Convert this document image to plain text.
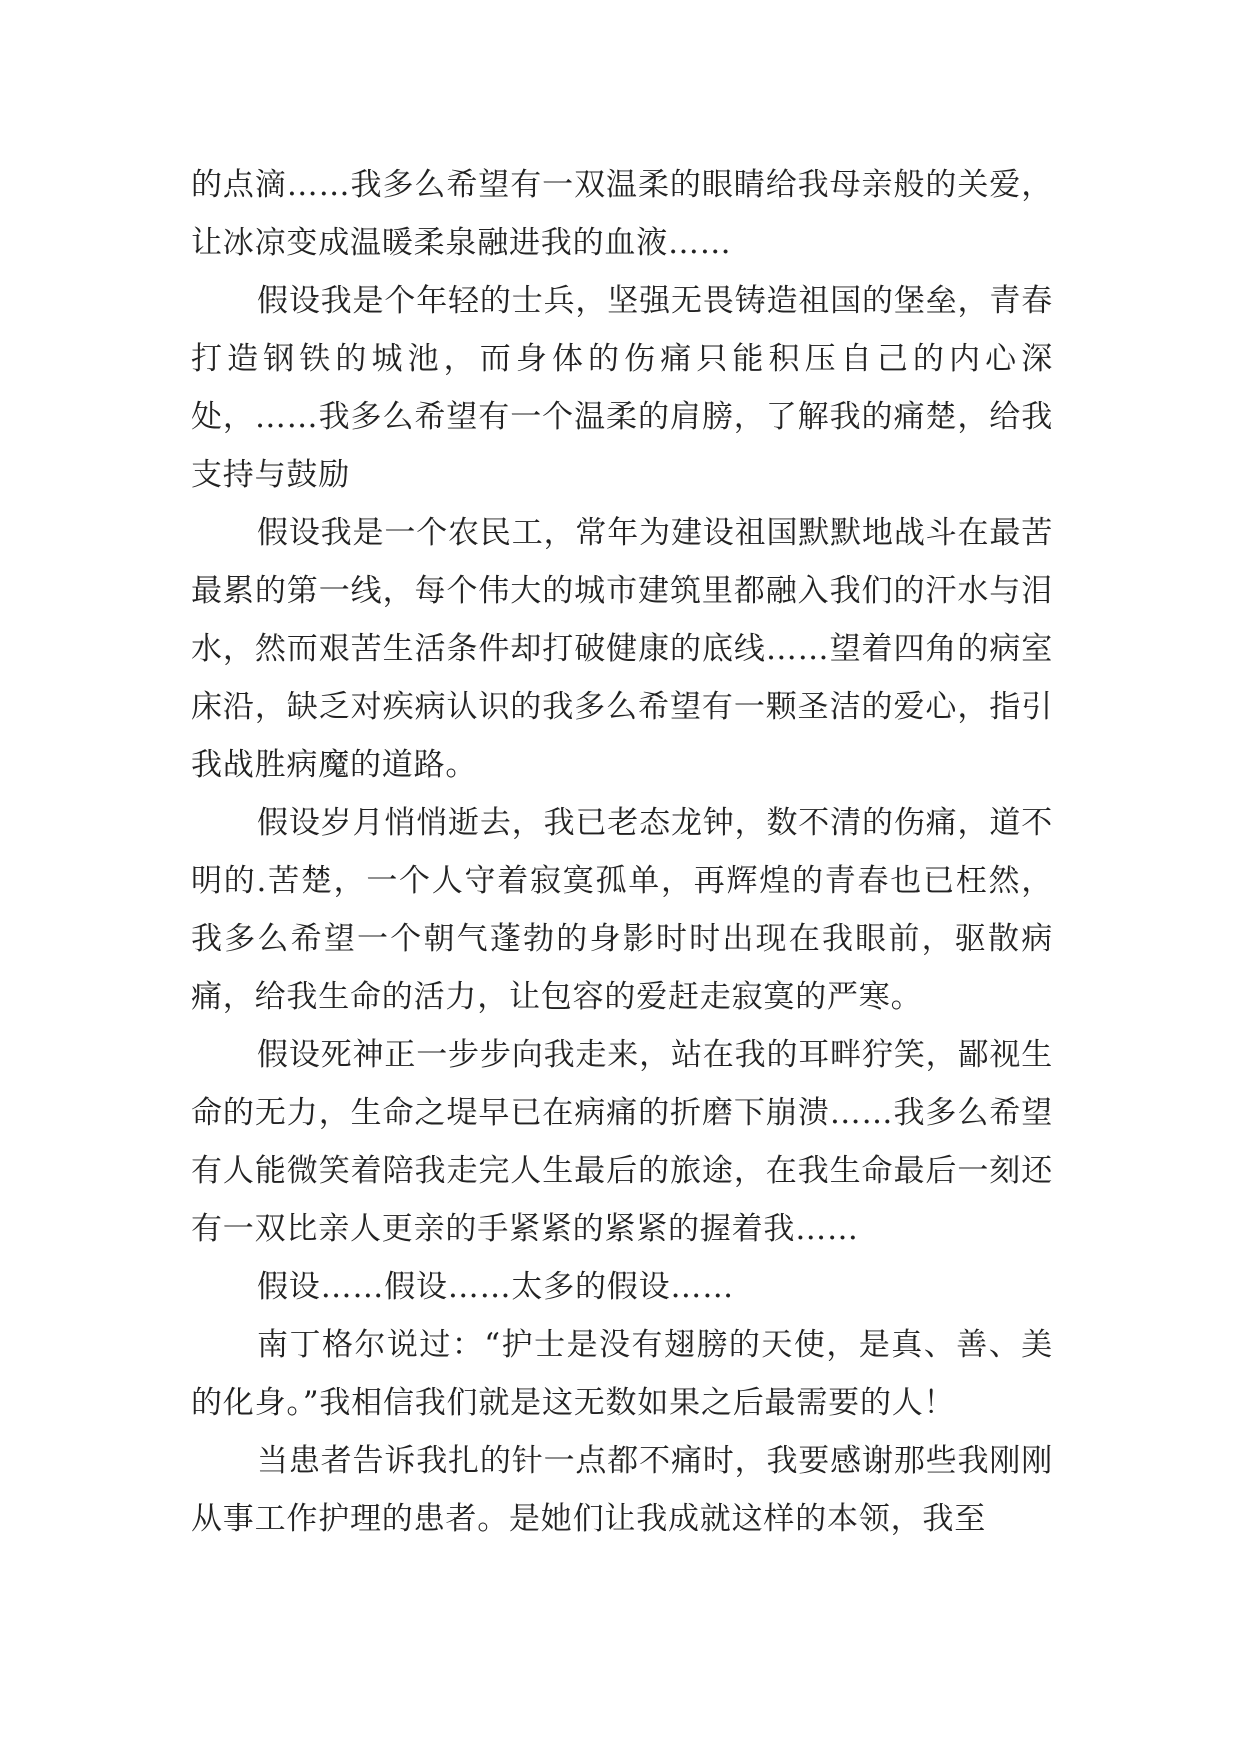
的点滴……我多么希望有一双温柔的眼睛给我母亲般的关爱，让冰凉变成温暖柔泉融进我的血液……

假设我是个年轻的士兵，坚强无畏铸造祖国的堡垒，青春打造钢铁的城池，而身体的伤痛只能积压自己的内心深处，……我多么希望有一个温柔的肩膀，了解我的痛楚，给我支持与鼓励

假设我是一个农民工，常年为建设祖国默默地战斗在最苦最累的第一线，每个伟大的城市建筑里都融入我们的汗水与泪水，然而艰苦生活条件却打破健康的底线……望着四角的病室床沿，缺乏对疾病认识的我多么希望有一颗圣洁的爱心，指引我战胜病魔的道路。

假设岁月悄悄逝去，我已老态龙钟，数不清的伤痛，道不明的.苦楚，一个人守着寂寞孤单，再辉煌的青春也已枉然，我多么希望一个朝气蓬勃的身影时时出现在我眼前，驱散病痛，给我生命的活力，让包容的爱赶走寂寞的严寒。

假设死神正一步步向我走来，站在我的耳畔狞笑，鄙视生命的无力，生命之堤早已在病痛的折磨下崩溃……我多么希望有人能微笑着陪我走完人生最后的旅途，在我生命最后一刻还有一双比亲人更亲的手紧紧的紧紧的握着我……

假设……假设……太多的假设……

南丁格尔说过：“护士是没有翅膀的天使，是真、善、美的化身。”我相信我们就是这无数如果之后最需要的人！

当患者告诉我扎的针一点都不痛时，我要感谢那些我刚刚从事工作护理的患者。是她们让我成就这样的本领，我至
